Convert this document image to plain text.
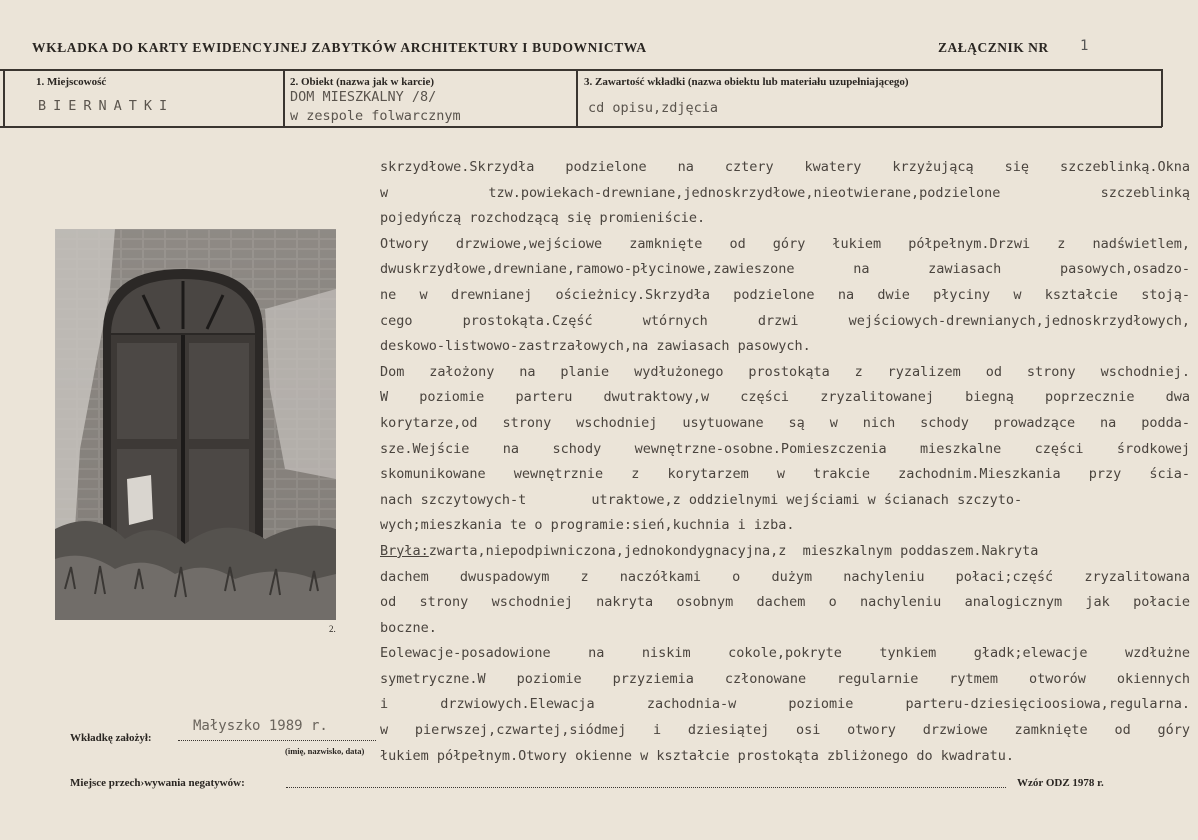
WKŁADKA DO KARTY EWIDENCYJNEJ ZABYTKÓW ARCHITEKTURY I BUDOWNICTWA	ZAŁĄCZNIK NR 1
1. Miejscowość
BIERNATKI
2. Obiekt (nazwa jak w karcie)
DOM MIESZKALNY /8/
w zespole folwarcznym
3. Zawartość wkładki (nazwa obiektu lub materiału uzupełniającego)
cd opisu,zdjęcia
2.
skrzydłowe.Skrzydła podzielone na cztery kwatery krzyżującą się szczeblinką.Okna
w tzw.powiekach-drewniane,jednoskrzydłowe,nieotwierane,podzielone szczeblinką
pojedyńczą rozchodzącą się promieniście.
Otwory drzwiowe,wejściowe zamknięte od góry łukiem półpełnym.Drzwi z nadświetlem,
dwuskrzydłowe,drewniane,ramowo-płycinowe,zawieszone na zawiasach pasowych,osadzo-
ne w drewnianej ościeżnicy.Skrzydła podzielone na dwie płyciny w kształcie stoją-
cego prostokąta.Część wtórnych drzwi wejściowych-drewnianych,jednoskrzydłowych,
deskowo-listwowo-zastrzałowych,na zawiasach pasowych.
Dom założony na planie wydłużonego prostokąta z ryzalizem od strony wschodniej.
W poziomie parteru dwutraktowy,w części zryzalitowanej biegną poprzecznie dwa
korytarze,od strony wschodniej usytuowane są w nich schody prowadzące na podda-
sze.Wejście na schody wewnętrzne-osobne.Pomieszczenia mieszkalne części środkowej
skomunikowane wewnętrznie z korytarzem w trakcie zachodnim.Mieszkania przy ścia-
nach szczytowych-t        utraktowe,z oddzielnymi wejściami w ścianach szczyto-
wych;mieszkania te o programie:sień,kuchnia i izba.
Bryła:zwarta,niepodpiwniczona,jednokondygnacyjna,z  mieszkalnym poddaszem.Nakryta
dachem dwuspadowym z naczółkami o dużym nachyleniu połaci;część zryzalitowana
od strony wschodniej nakryta osobnym dachem o nachyleniu analogicznym jak połacie
boczne.
Eolewacje-posadowione na niskim cokole,pokryte tynkiem gładk;elewacje wzdłużne
symetryczne.W poziomie przyziemia członowane regularnie rytmem otworów okiennych
i drzwiowych.Elewacja zachodnia-w poziomie parteru-dziesięcioosiowa,regularna.
w pierwszej,czwartej,siódmej i dziesiątej osi otwory drzwiowe zamknięte od góry
łukiem półpełnym.Otwory okienne w kształcie prostokąta zbliżonego do kwadratu.
Wkładkę założył:
Małyszko 1989 r.
(imię, nazwisko, data)
Miejsce przech›wywania negatywów:	Wzór ODZ 1978 r.
